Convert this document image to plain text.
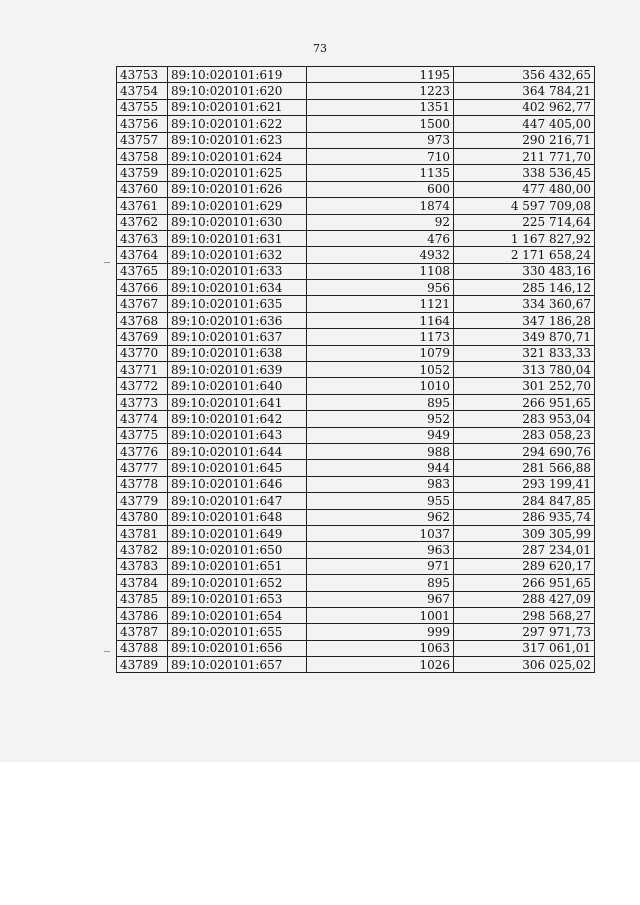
73
43753	89:10:020101:619	1195	356 432,65
43754	89:10:020101:620	1223	364 784,21
43755	89:10:020101:621	1351	402 962,77
43756	89:10:020101:622	1500	447 405,00
43757	89:10:020101:623	973	290 216,71
43758	89:10:020101:624	710	211 771,70
43759	89:10:020101:625	1135	338 536,45
43760	89:10:020101:626	600	477 480,00
43761	89:10:020101:629	1874	4 597 709,08
43762	89:10:020101:630	92	225 714,64
43763	89:10:020101:631	476	1 167 827,92
43764	89:10:020101:632	4932	2 171 658,24
43765	89:10:020101:633	1108	330 483,16
43766	89:10:020101:634	956	285 146,12
43767	89:10:020101:635	1121	334 360,67
43768	89:10:020101:636	1164	347 186,28
43769	89:10:020101:637	1173	349 870,71
43770	89:10:020101:638	1079	321 833,33
43771	89:10:020101:639	1052	313 780,04
43772	89:10:020101:640	1010	301 252,70
43773	89:10:020101:641	895	266 951,65
43774	89:10:020101:642	952	283 953,04
43775	89:10:020101:643	949	283 058,23
43776	89:10:020101:644	988	294 690,76
43777	89:10:020101:645	944	281 566,88
43778	89:10:020101:646	983	293 199,41
43779	89:10:020101:647	955	284 847,85
43780	89:10:020101:648	962	286 935,74
43781	89:10:020101:649	1037	309 305,99
43782	89:10:020101:650	963	287 234,01
43783	89:10:020101:651	971	289 620,17
43784	89:10:020101:652	895	266 951,65
43785	89:10:020101:653	967	288 427,09
43786	89:10:020101:654	1001	298 568,27
43787	89:10:020101:655	999	297 971,73
43788	89:10:020101:656	1063	317 061,01
43789	89:10:020101:657	1026	306 025,02
